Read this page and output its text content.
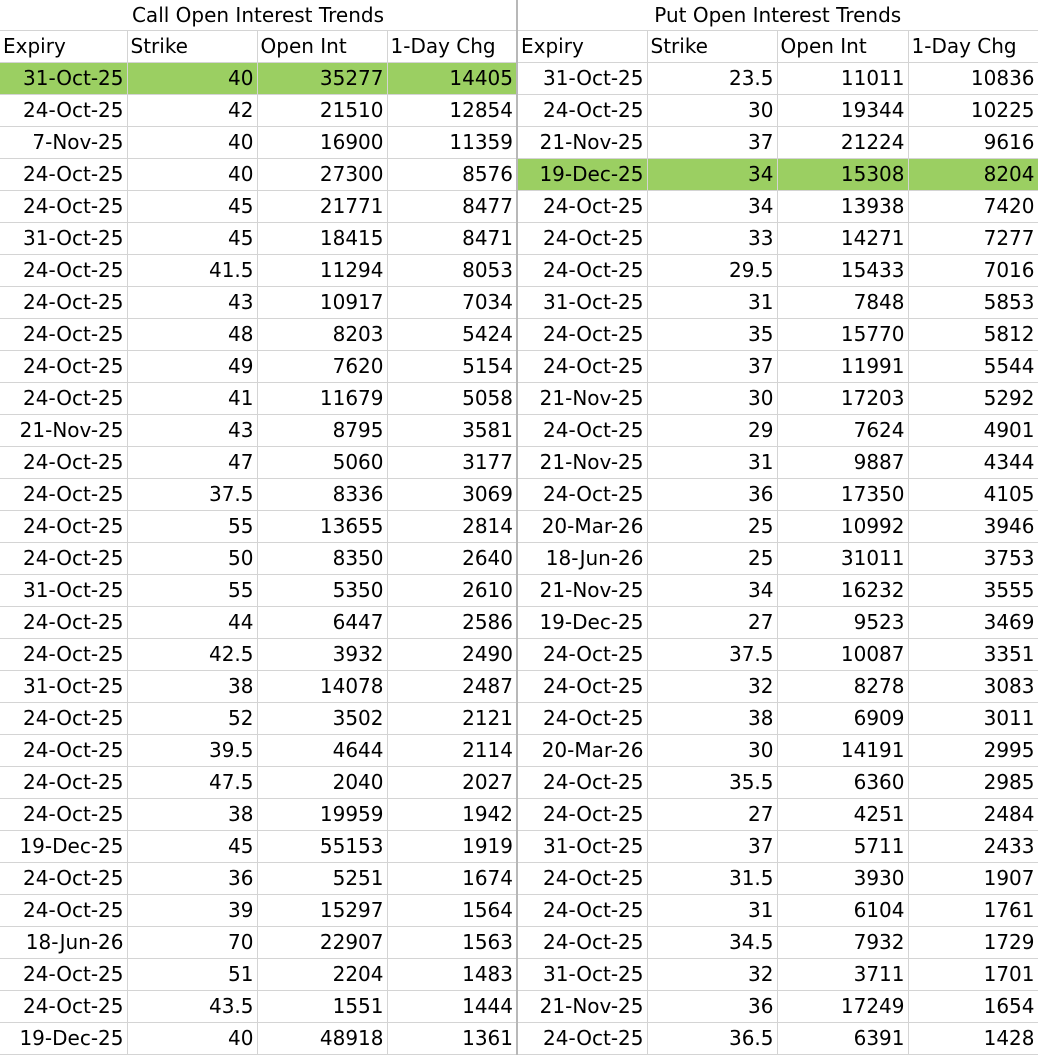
Call Open Interest Trends				Put Open Interest Trends			
Expiry	Strike	Open Int	1-Day Chg	Expiry	Strike	Open Int	1-Day Chg
31-Oct-25	40	35277	14405	31-Oct-25	23.5	11011	10836
24-Oct-25	42	21510	12854	24-Oct-25	30	19344	10225
7-Nov-25	40	16900	11359	21-Nov-25	37	21224	9616
24-Oct-25	40	27300	8576	19-Dec-25	34	15308	8204
24-Oct-25	45	21771	8477	24-Oct-25	34	13938	7420
31-Oct-25	45	18415	8471	24-Oct-25	33	14271	7277
24-Oct-25	41.5	11294	8053	24-Oct-25	29.5	15433	7016
24-Oct-25	43	10917	7034	31-Oct-25	31	7848	5853
24-Oct-25	48	8203	5424	24-Oct-25	35	15770	5812
24-Oct-25	49	7620	5154	24-Oct-25	37	11991	5544
24-Oct-25	41	11679	5058	21-Nov-25	30	17203	5292
21-Nov-25	43	8795	3581	24-Oct-25	29	7624	4901
24-Oct-25	47	5060	3177	21-Nov-25	31	9887	4344
24-Oct-25	37.5	8336	3069	24-Oct-25	36	17350	4105
24-Oct-25	55	13655	2814	20-Mar-26	25	10992	3946
24-Oct-25	50	8350	2640	18-Jun-26	25	31011	3753
31-Oct-25	55	5350	2610	21-Nov-25	34	16232	3555
24-Oct-25	44	6447	2586	19-Dec-25	27	9523	3469
24-Oct-25	42.5	3932	2490	24-Oct-25	37.5	10087	3351
31-Oct-25	38	14078	2487	24-Oct-25	32	8278	3083
24-Oct-25	52	3502	2121	24-Oct-25	38	6909	3011
24-Oct-25	39.5	4644	2114	20-Mar-26	30	14191	2995
24-Oct-25	47.5	2040	2027	24-Oct-25	35.5	6360	2985
24-Oct-25	38	19959	1942	24-Oct-25	27	4251	2484
19-Dec-25	45	55153	1919	31-Oct-25	37	5711	2433
24-Oct-25	36	5251	1674	24-Oct-25	31.5	3930	1907
24-Oct-25	39	15297	1564	24-Oct-25	31	6104	1761
18-Jun-26	70	22907	1563	24-Oct-25	34.5	7932	1729
24-Oct-25	51	2204	1483	31-Oct-25	32	3711	1701
24-Oct-25	43.5	1551	1444	21-Nov-25	36	17249	1654
19-Dec-25	40	48918	1361	24-Oct-25	36.5	6391	1428
